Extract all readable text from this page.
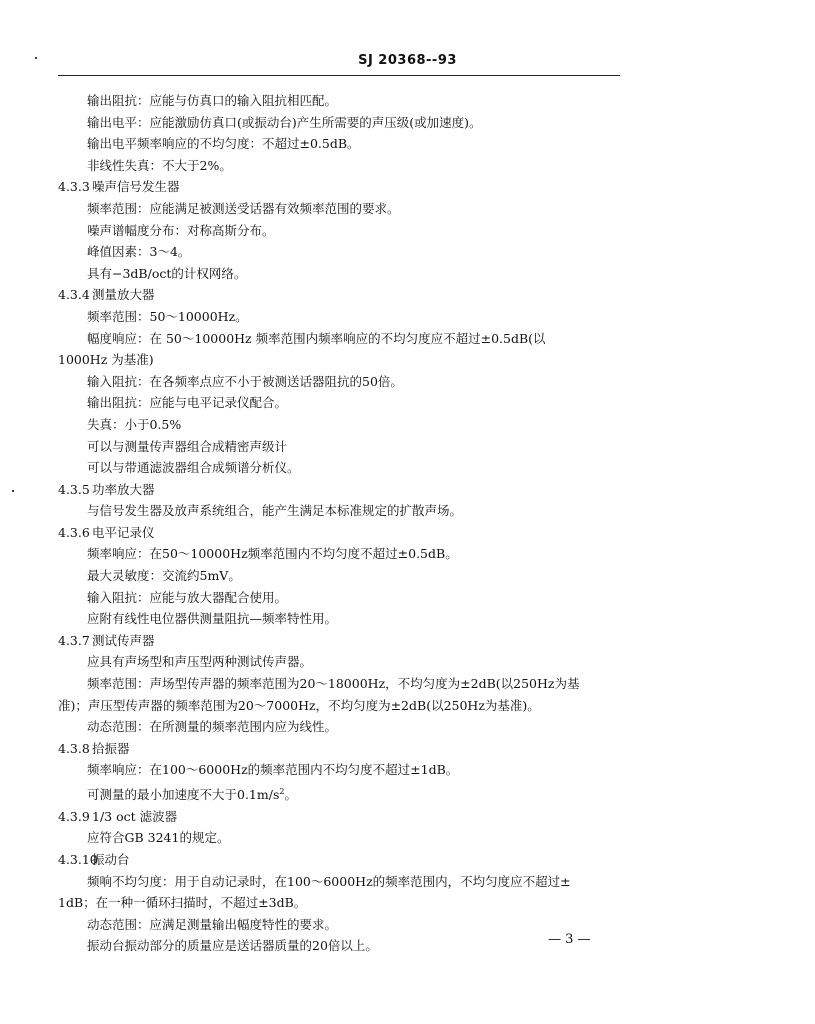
SJ 20368--93
输出阻抗：应能与仿真口的输入阻抗相匹配。
输出电平：应能激励仿真口(或振动台)产生所需要的声压级(或加速度)。
输出电平频率响应的不均匀度：不超过±0.5dB。
非线性失真：不大于2%。
4.3.3 噪声信号发生器
频率范围：应能满足被测送受话器有效频率范围的要求。
噪声谱幅度分布：对称高斯分布。
峰值因素：3～4。
具有−3dB/oct的计权网络。
4.3.4 测量放大器
频率范围：50～10000Hz。
幅度响应：在 50～10000Hz 频率范围内频率响应的不均匀度应不超过±0.5dB(以
1000Hz 为基准)
输入阻抗：在各频率点应不小于被测送话器阻抗的50倍。
输出阻抗：应能与电平记录仪配合。
失真：小于0.5%
可以与测量传声器组合成精密声级计
可以与带通滤波器组合成频谱分析仪。
4.3.5 功率放大器
与信号发生器及放声系统组合，能产生满足本标准规定的扩散声场。
4.3.6 电平记录仪
频率响应：在50～10000Hz频率范围内不均匀度不超过±0.5dB。
最大灵敏度：交流约5mV。
输入阻抗：应能与放大器配合使用。
应附有线性电位器供测量阻抗—频率特性用。
4.3.7 测试传声器
应具有声场型和声压型两种测试传声器。
频率范围：声场型传声器的频率范围为20～18000Hz，不均匀度为±2dB(以250Hz为基
准)；声压型传声器的频率范围为20～7000Hz，不均匀度为±2dB(以250Hz为基准)。
动态范围：在所测量的频率范围内应为线性。
4.3.8 拾振器
频率响应：在100～6000Hz的频率范围内不均匀度不超过±1dB。
可测量的最小加速度不大于$0.1m/s^2$。
4.3.9 1/3 oct 滤波器
应符合GB 3241的规定。
4.3.10振动台
频响不均匀度：用于自动记录时，在100～6000Hz的频率范围内，不均匀度应不超过±
1dB；在一种一循环扫描时，不超过±3dB。
动态范围：应满足测量输出幅度特性的要求。
振动台振动部分的质量应是送话器质量的20倍以上。	— 3 —
